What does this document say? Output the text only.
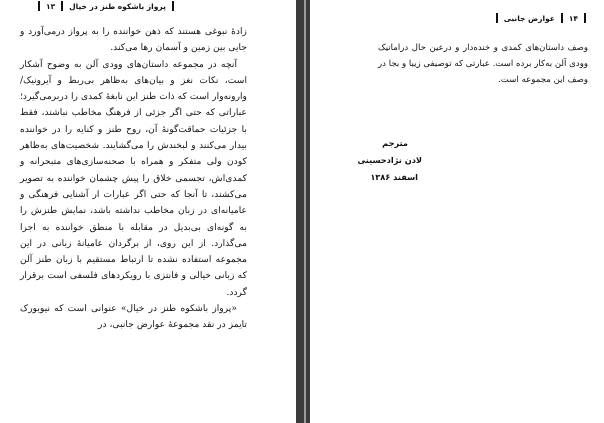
پرواز باشکوه طنز در خیال
۱۳

زادهٔ نبوغی هستند که ذهن خواننده را به پرواز درمی‌آورد و جایی بین زمین و آسمان رها می‌کند.

آنچه در مجموعه داستان‌های وودی آلن به وضوح آشکار است، نکات نغز و بیان‌های به‌ظاهر بی‌ربط و آیرونیک/وارونه‌وار است که ذات طنز این نابغهٔ کمدی را دربرمی‌گیرد؛ عباراتی که حتی اگر جزئی از فرهنگ مخاطب نباشند، فقط با جزئیات حماقت‌گونهٔ آن، روح طنز و کنایه را در خواننده بیدار می‌کنند و لبخندش را می‌گشایند. شخصیت‌های به‌ظاهر کودن ولی متفکر و همراه با صحنه‌سازی‌های متبحرانه و کمدی‌اش، تجسمی خلاق را پیش چشمان خواننده به تصویر می‌کشند، تا آنجا که حتی اگر عبارات ار آشنایی فرهنگی و عامیانه‌ای در زبان مخاطب نداشته باشد، نمایش طنزش را به گونه‌ای بی‌بدیل در مقابله با منطق خواننده به اجرا می‌گذارد. از این روی، از برگردان عامیانهٔ زبانی در این مجموعه استفاده نشده تا ارتباط مستقیم با زبان طنز آلن که زبانی خیالی و فانتزی با رویکردهای فلسفی است برقرار گردد.

«پرواز باشکوه طنز در خیال» عنوانی است که نیویورک تایمز در نقد مجموعهٔ عوارض جانبی، در

۱۴
عوارض جانبی

وصف داستان‌های کمدی و خنده‌دار و درعین حال دراماتیک وودی آلن به‌کار برده است. عبارتی که توصیفی زیبا و بجا در وصف این مجموعه است.

مترجم
لادن نژادحسینی
اسفند ۱۳۸۶
